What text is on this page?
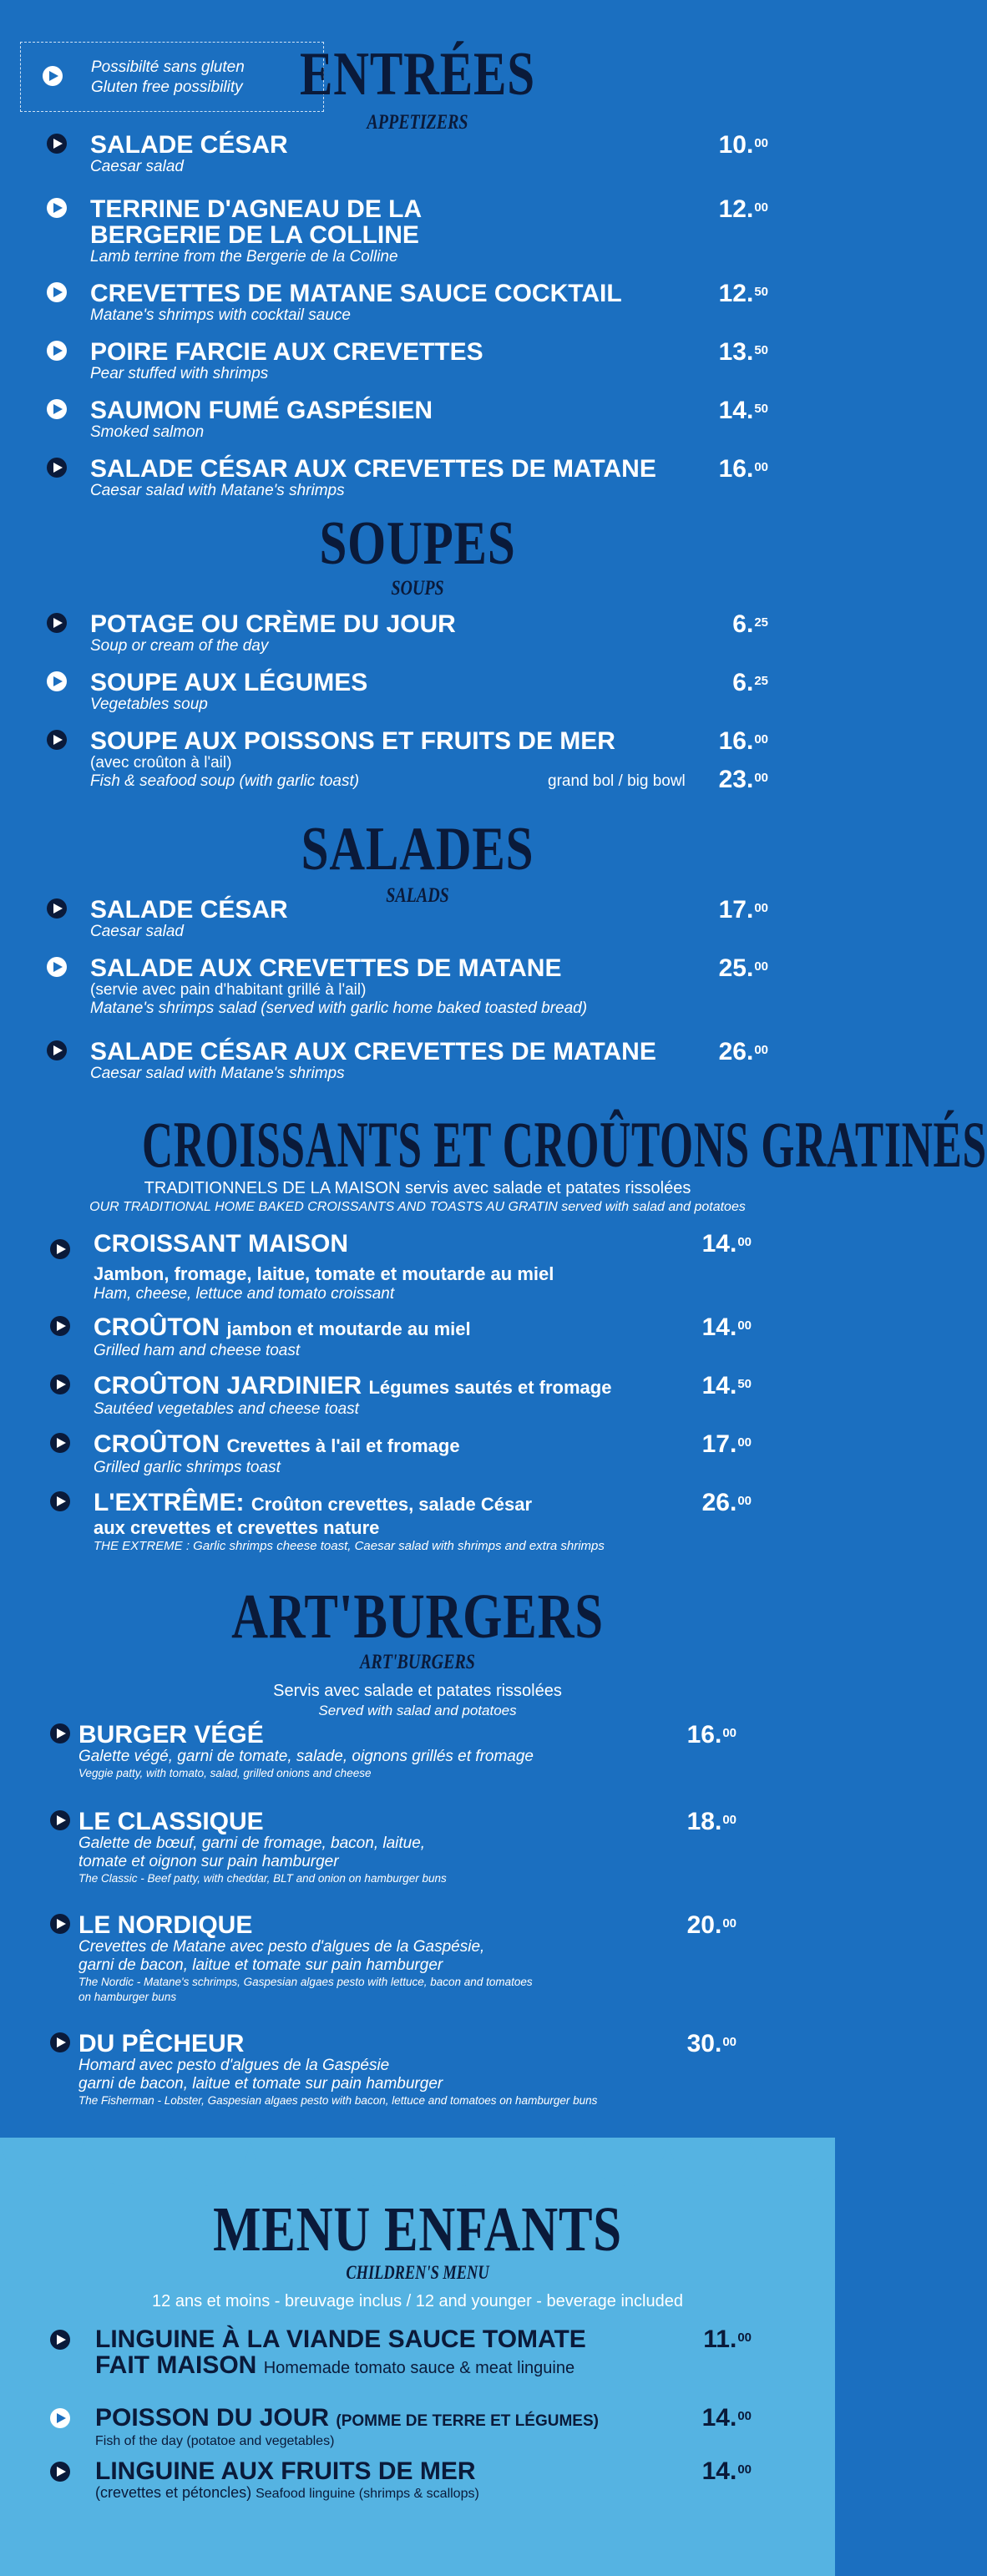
Possibilté sans gluten
Gluten free possibility ENTRÉES
APPETIZERS
SALADE CÉSAR
Caesar salad
10.00
TERRINE D'AGNEAU DE LA
BERGERIE DE LA COLLINE
Lamb terrine from the Bergerie de la Colline
12.00
CREVETTES DE MATANE SAUCE COCKTAIL
Matane's shrimps with cocktail sauce
12.50
POIRE FARCIE AUX CREVETTES
Pear stuffed with shrimps
13.50
SAUMON FUMÉ GASPÉSIEN
Smoked salmon
14.50
SALADE CÉSAR AUX CREVETTES DE MATANE
Caesar salad with Matane's shrimps
16.00
SOUPES
SOUPS
POTAGE OU CRÈME DU JOUR
Soup or cream of the day
6.25
SOUPE AUX LÉGUMES
Vegetables soup
6.25
SOUPE AUX POISSONS ET FRUITS DE MER
(avec croûton à l'ail)
Fish & seafood soup (with garlic toast)
16.00
grand bol / big bowl 23.00
SALADES
SALADS
SALADE CÉSAR
Caesar salad
17.00
SALADE AUX CREVETTES DE MATANE
(servie avec pain d'habitant grillé à l'ail)
Matane's shrimps salad (served with garlic home baked toasted bread)
25.00
SALADE CÉSAR AUX CREVETTES DE MATANE
Caesar salad with Matane's shrimps
26.00
CROISSANTS ET CROÛTONS GRATINÉS
TRADITIONNELS DE LA MAISON servis avec salade et patates rissolées
OUR TRADITIONAL HOME BAKED CROISSANTS AND TOASTS AU GRATIN served with salad and potatoes
CROISSANT MAISON
Jambon, fromage, laitue, tomate et moutarde au miel
Ham, cheese, lettuce and tomato croissant
14.00
CROÛTON jambon et moutarde au miel
Grilled ham and cheese toast
14.00
CROÛTON JARDINIER Légumes sautés et fromage
Sautéed vegetables and cheese toast
14.50
CROÛTON Crevettes à l'ail et fromage
Grilled garlic shrimps toast
17.00
L'EXTRÊME: Croûton crevettes, salade César
aux crevettes et crevettes nature
THE EXTREME : Garlic shrimps cheese toast, Caesar salad with shrimps and extra shrimps
26.00
ART'BURGERS
ART'BURGERS
Servis avec salade et patates rissolées
Served with salad and potatoes
BURGER VÉGÉ
Galette végé, garni de tomate, salade, oignons grillés et fromage
Veggie patty, with tomato, salad, grilled onions and cheese
16.00
LE CLASSIQUE
Galette de bœuf, garni de fromage, bacon, laitue,
tomate et oignon sur pain hamburger
The Classic - Beef patty, with cheddar, BLT and onion on hamburger buns
18.00
LE NORDIQUE
Crevettes de Matane avec pesto d'algues de la Gaspésie,
garni de bacon, laitue et tomate sur pain hamburger
The Nordic - Matane's schrimps, Gaspesian algaes pesto with lettuce, bacon and tomatoes
on hamburger buns
20.00
DU PÊCHEUR
Homard avec pesto d'algues de la Gaspésie
garni de bacon, laitue et tomate sur pain hamburger
The Fisherman - Lobster, Gaspesian algaes pesto with bacon, lettuce and tomatoes on hamburger buns
30.00
MENU ENFANTS
CHILDREN'S MENU
12 ans et moins - breuvage inclus / 12 and younger - beverage included
LINGUINE À LA VIANDE SAUCE TOMATE
FAIT MAISON Homemade tomato sauce & meat linguine
11.00
POISSON DU JOUR (POMME DE TERRE ET LÉGUMES)
Fish of the day (potatoe and vegetables)
14.00
LINGUINE AUX FRUITS DE MER
(crevettes et pétoncles) Seafood linguine (shrimps & scallops)
14.00
